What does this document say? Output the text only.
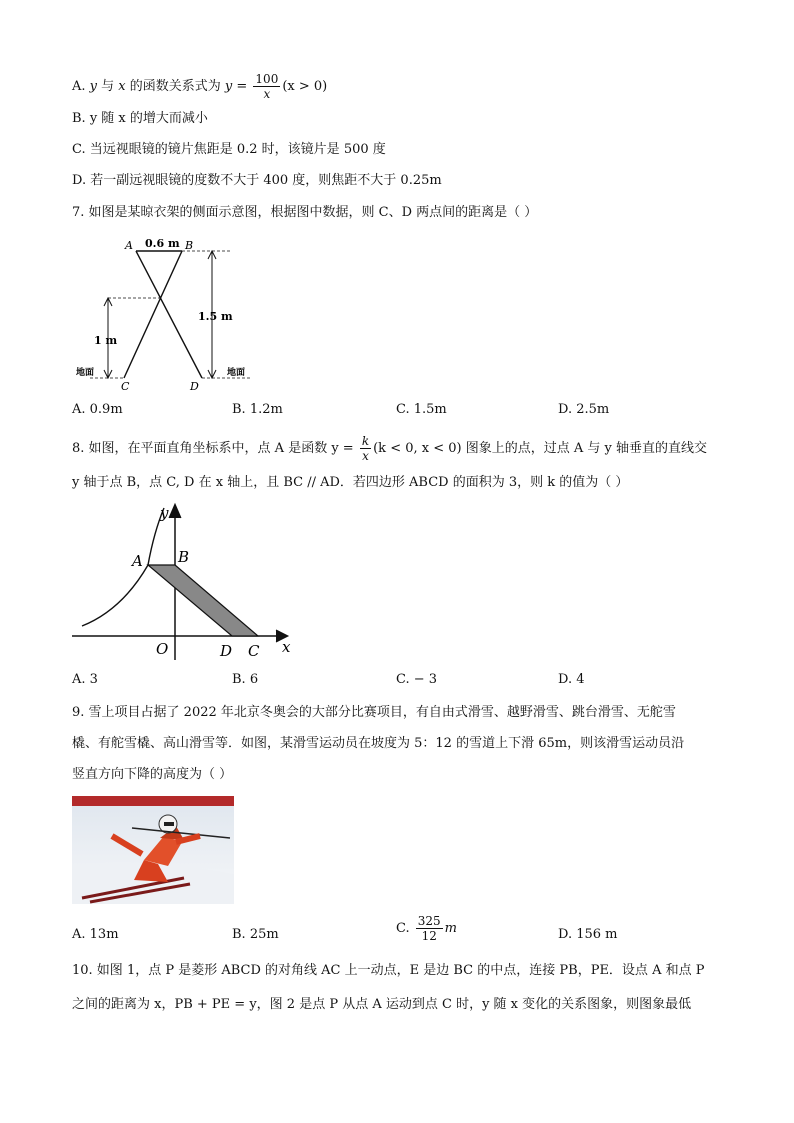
A. y 与 x 的函数关系式为 $y = \frac{100}{x} (x > 0)$
B. y 随 x 的增大而减小
C. 当远视眼镜的镜片焦距是 0.2 时，该镜片是 500 度
D. 若一副远视眼镜的度数不大于 400 度，则焦距不大于 0.25m
7. 如图是某晾衣架的侧面示意图，根据图中数据，则 C、D 两点间的距离是（ ）
A	B
0.6 m
1 m
1.5 m
地面	地面
C	D
A. 0.9m	B. 1.2m	C. 1.5m	D. 2.5m
8. 如图，在平面直角坐标系中，点 A 是函数 $y = \frac{k}{x} (k < 0$, x < 0) 图象上的点，过点 A 与 y 轴垂直的直线交
y 轴于点 B，点 C, D 在 x 轴上，且 BC // AD．若四边形 ABCD 的面积为 3，则 k 的值为（ ）
A B
O	D C x
y
A. 3	B. 6	C. − 3	D. 4
9. 雪上项目占据了 2022 年北京冬奥会的大部分比赛项目，有自由式滑雪、越野滑雪、跳台滑雪、无舵雪
橇、有舵雪橇、高山滑雪等．如图，某滑雪运动员在坡度为 5：12 的雪道上下滑 65m，则该滑雪运动员沿
竖直方向下降的高度为（ ）
A. 13m	B. 25m	C. $\frac{325}{12}$ m	D. 156 m
10. 如图 1，点 P 是菱形 ABCD 的对角线 AC 上一动点，E 是边 BC 的中点，连接 PB，PE．设点 A 和点 P
之间的距离为 x，PB + PE = y，图 2 是点 P 从点 A 运动到点 C 时，y 随 x 变化的关系图象，则图象最低
